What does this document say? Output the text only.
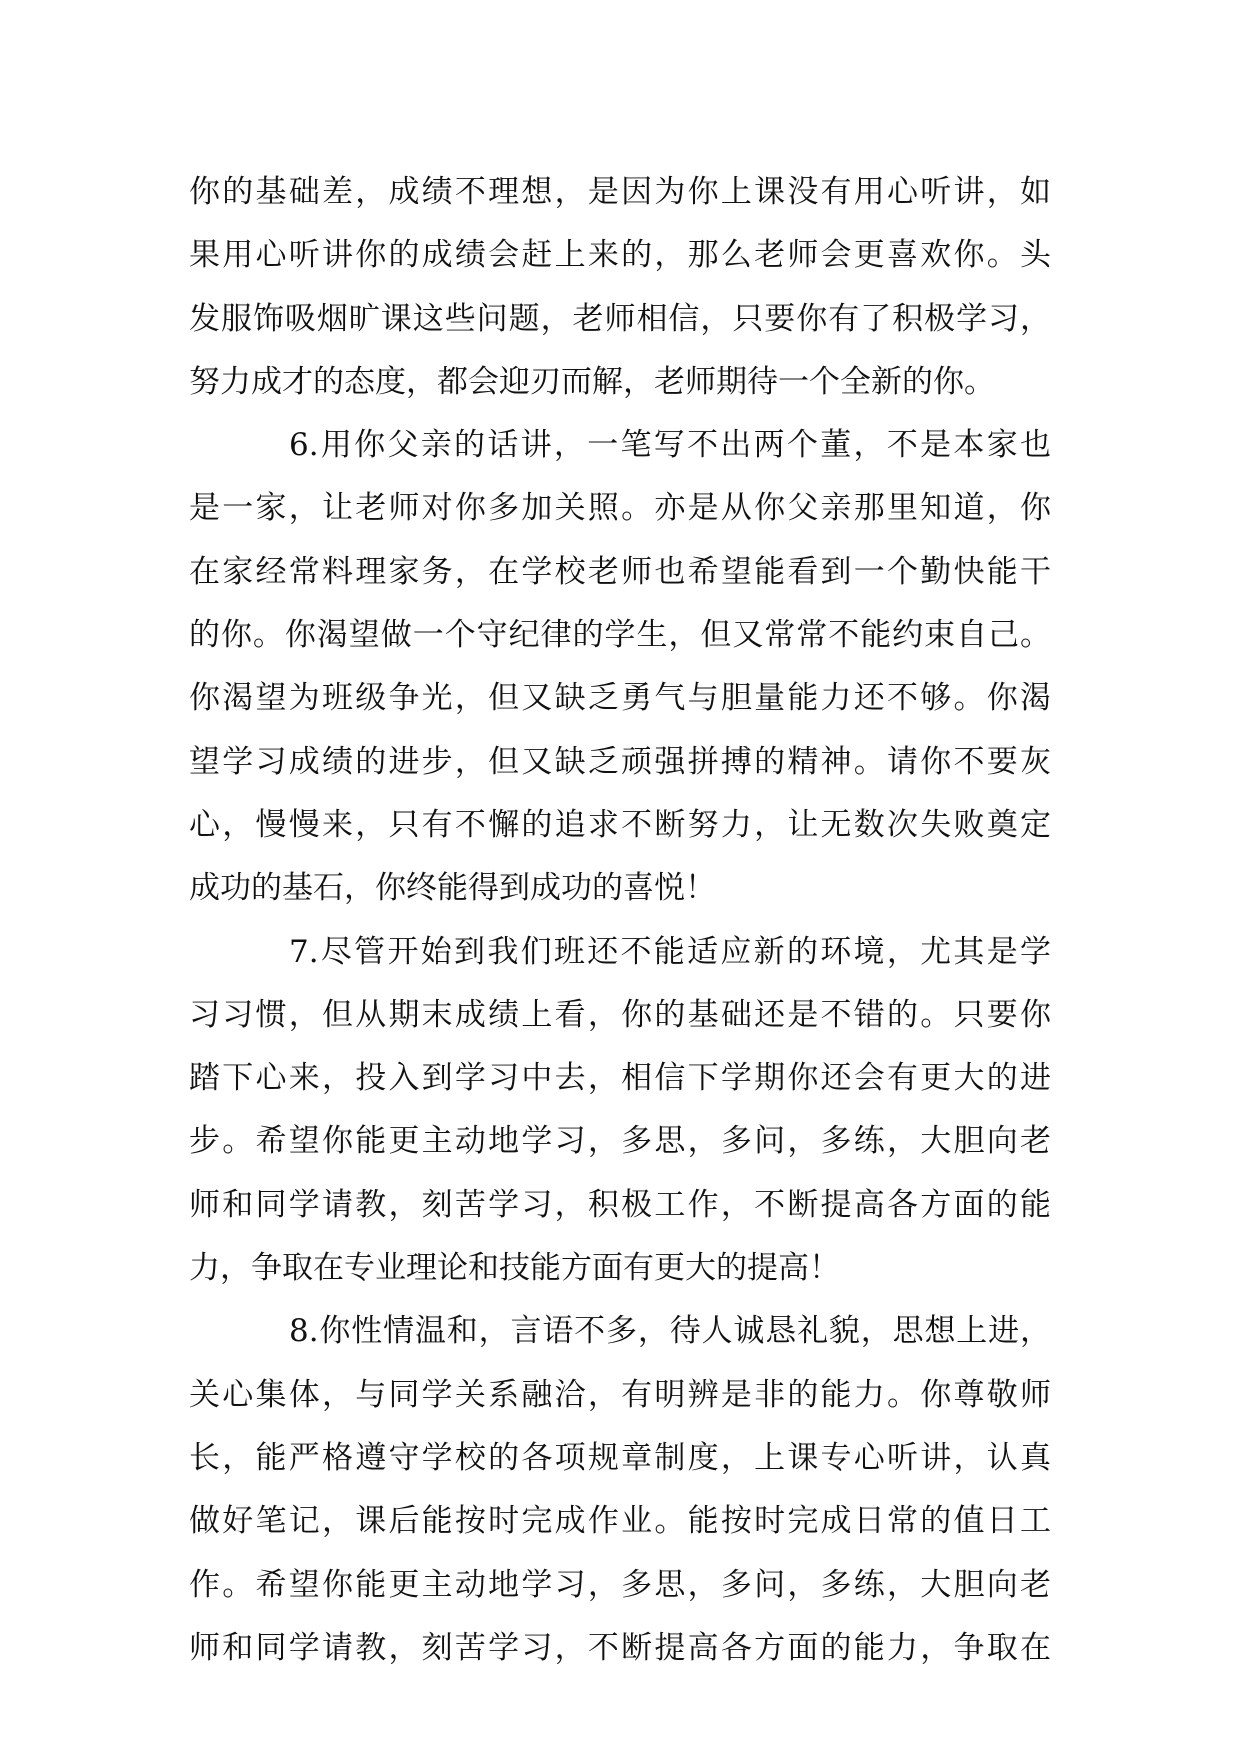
你的基础差，成绩不理想，是因为你上课没有用心听讲，如
果用心听讲你的成绩会赶上来的，那么老师会更喜欢你。头
发服饰吸烟旷课这些问题，老师相信，只要你有了积极学习，
努力成才的态度，都会迎刃而解，老师期待一个全新的你。
6.用你父亲的话讲，一笔写不出两个董，不是本家也
是一家，让老师对你多加关照。亦是从你父亲那里知道，你
在家经常料理家务，在学校老师也希望能看到一个勤快能干
的你。你渴望做一个守纪律的学生，但又常常不能约束自己。
你渴望为班级争光，但又缺乏勇气与胆量能力还不够。你渴
望学习成绩的进步，但又缺乏顽强拼搏的精神。请你不要灰
心，慢慢来，只有不懈的追求不断努力，让无数次失败奠定
成功的基石，你终能得到成功的喜悦！
7.尽管开始到我们班还不能适应新的环境，尤其是学
习习惯，但从期末成绩上看，你的基础还是不错的。只要你
踏下心来，投入到学习中去，相信下学期你还会有更大的进
步。希望你能更主动地学习，多思，多问，多练，大胆向老
师和同学请教，刻苦学习，积极工作，不断提高各方面的能
力，争取在专业理论和技能方面有更大的提高！
8.你性情温和，言语不多，待人诚恳礼貌，思想上进，
关心集体，与同学关系融洽，有明辨是非的能力。你尊敬师
长，能严格遵守学校的各项规章制度，上课专心听讲，认真
做好笔记，课后能按时完成作业。能按时完成日常的值日工
作。希望你能更主动地学习，多思，多问，多练，大胆向老
师和同学请教，刻苦学习，不断提高各方面的能力，争取在
